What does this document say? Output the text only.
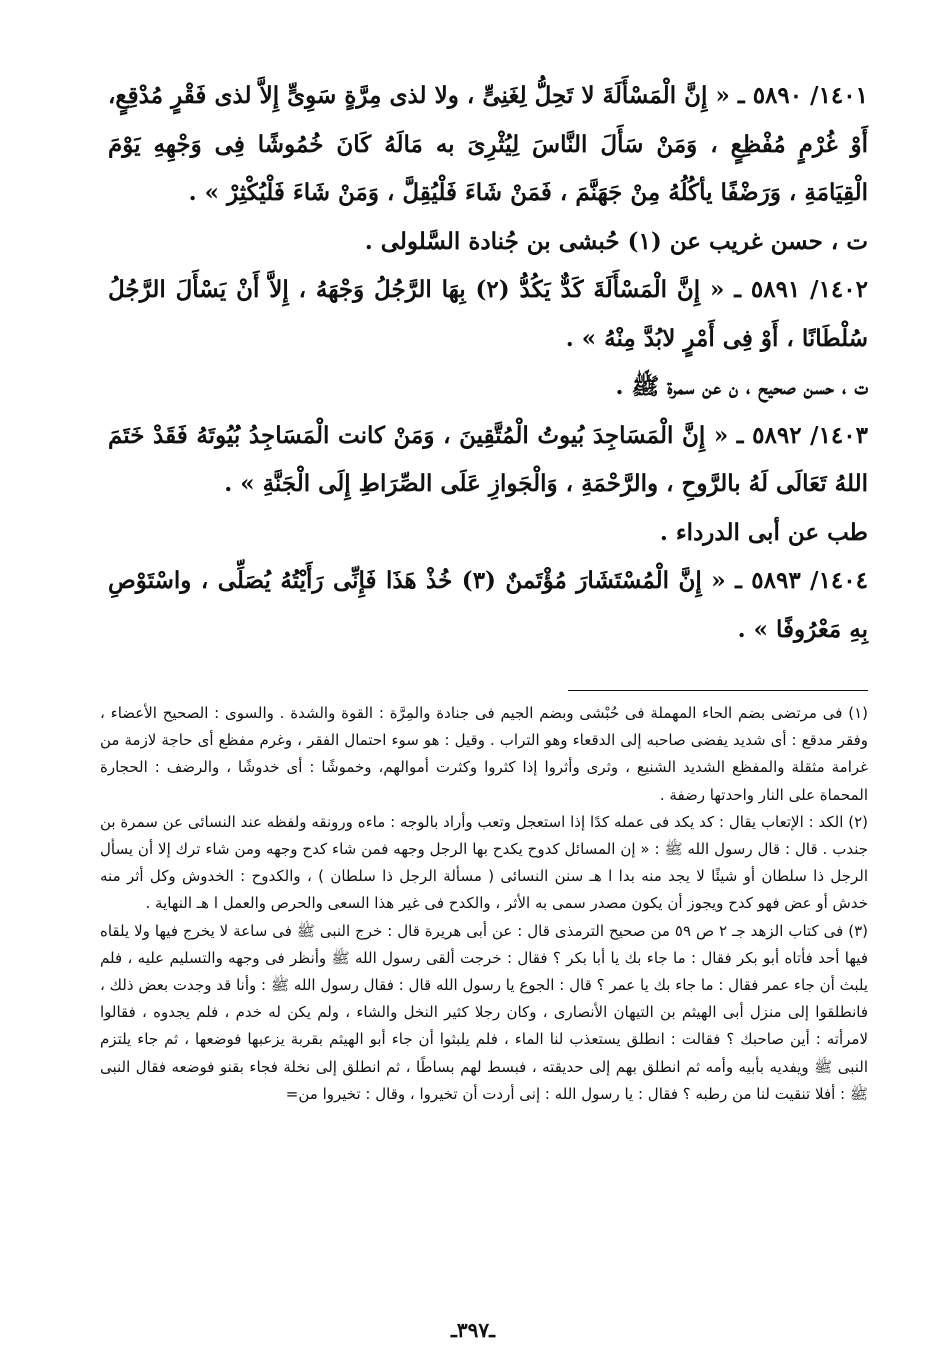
١٤٠١/ ٥٨٩٠ ـ « إِنَّ الْمَسْأَلَةَ لا تَحِلُّ لِغَنِىٍّ ، ولا لذى مِرَّةٍ سَوِىٍّ إِلاَّ لذى فَقْرٍ مُدْقِعٍ، أَوْ غُرْمٍ مُفْظِعٍ ، وَمَنْ سَأَلَ النَّاسَ لِيُثْرِىَ به مَالَهُ كَانَ خُمُوشًا فِى وَجْهِهِ يَوْمَ الْقِيَامَةِ ، وَرَضْفًا يأكُلُهُ مِنْ جَهَنَّمَ ، فَمَنْ شَاءَ فَلْيُقِلَّ ، وَمَنْ شَاءَ فَلْيُكْثِرْ » .

ت ، حسن غريب عن (١) حُبشى بن جُنادة السَّلولى .

١٤٠٢/ ٥٨٩١ ـ « إِنَّ الْمَسْأَلَةَ كَدٌّ يَكُدُّ (٢) بِهَا الرَّجُلُ وَجْهَهُ ، إِلاَّ أَنْ يَسْأَلَ الرَّجُلُ سُلْطَانًا ، أَوْ فِى أَمْرٍ لابُدَّ مِنْهُ » .

ت ، حسن صحيح ، ن عن سمرة ﷺ .

١٤٠٣/ ٥٨٩٢ ـ « إِنَّ الْمَسَاجِدَ بُيوتُ الْمُتَّقِينَ ، وَمَنْ كانت الْمَسَاجِدُ بُيُوتَهُ فَقَدْ خَتَمَ اللهُ تَعَالَى لَهُ بالرَّوحِ ، والرَّحْمَةِ ، وَالْجَوازِ عَلَى الصِّرَاطِ إِلَى الْجَنَّةِ » .

طب عن أبى الدرداء .

١٤٠٤/ ٥٨٩٣ ـ « إِنَّ الْمُسْتَشَارَ مُؤْتَمنٌ (٣) خُذْ هَذَا فَإِنِّى رَأَيْتُهُ يُصَلِّى ، واسْتَوْصِ بِهِ مَعْرُوفًا » .

(١) فى مرتضى بضم الحاء المهملة فى حُبْشى وبضم الجيم فى جنادة والمِرَّة : القوة والشدة . والسوى : الصحيح الأعضاء ، وفقر مدقع : أى شديد يفضى صاحبه إلى الدقعاء وهو التراب . وقيل : هو سوء احتمال الفقر ، وغرم مفظع أى حاجة لازمة من غرامة مثقلة والمفظع الشديد الشنيع ، وثرى وأثروا إذا كثروا وكثرت أموالهم، وخموشًا : أى خدوشًا ، والرضف : الحجارة المحماة على النار واحدتها رضفة .

(٢) الكد : الإتعاب يقال : كد يكد فى عمله كدًا إذا استعجل وتعب وأراد بالوجه : ماءه ورونقه ولفظه عند النسائى عن سمرة بن جندب . قال : قال رسول الله ﷺ : « إن المسائل كدوح يكدح بها الرجل وجهه فمن شاء كدح وجهه ومن شاء ترك إلا أن يسأل الرجل ذا سلطان أو شيئًا لا يجد منه بدا ا هـ سنن النسائى ( مسألة الرجل ذا سلطان ) ، والكدوح : الخدوش وكل أثر منه خدش أو عض فهو كدح ويجوز أن يكون مصدر سمى به الأثر ، والكدح فى غير هذا السعى والحرص والعمل ا هـ النهاية .

(٣) فى كتاب الزهد جـ ٢ ص ٥٩ من صحيح الترمذى قال : عن أبى هريرة قال : خرج النبى ﷺ فى ساعة لا يخرج فيها ولا يلقاه فيها أحد فأتاه أبو بكر فقال : ما جاء بك يا أبا بكر ؟ فقال : خرجت ألقى رسول الله ﷺ وأنظر فى وجهه والتسليم عليه ، فلم يلبث أن جاء عمر فقال : ما جاء بك يا عمر ؟ قال : الجوع يا رسول الله قال : فقال رسول الله ﷺ : وأنا قد وجدت بعض ذلك ، فانطلقوا إلى منزل أبى الهيثم بن التيهان الأنصارى ، وكان رجلا كثير النخل والشاء ، ولم يكن له خدم ، فلم يجدوه ، فقالوا لامرأته : أين صاحبك ؟ فقالت : انطلق يستعذب لنا الماء ، فلم يلبثوا أن جاء أبو الهيثم بقربة يزعبها فوضعها ، ثم جاء يلتزم النبى ﷺ ويفديه بأبيه وأمه ثم انطلق بهم إلى حديقته ، فبسط لهم بساطًا ، ثم انطلق إلى نخلة فجاء بقنو فوضعه فقال النبى ﷺ : أفلا تنقيت لنا من رطبه ؟ فقال : يا رسول الله : إنى أردت أن تخيروا ، وقال : تخيروا من=

ـ٣٩٧ـ
